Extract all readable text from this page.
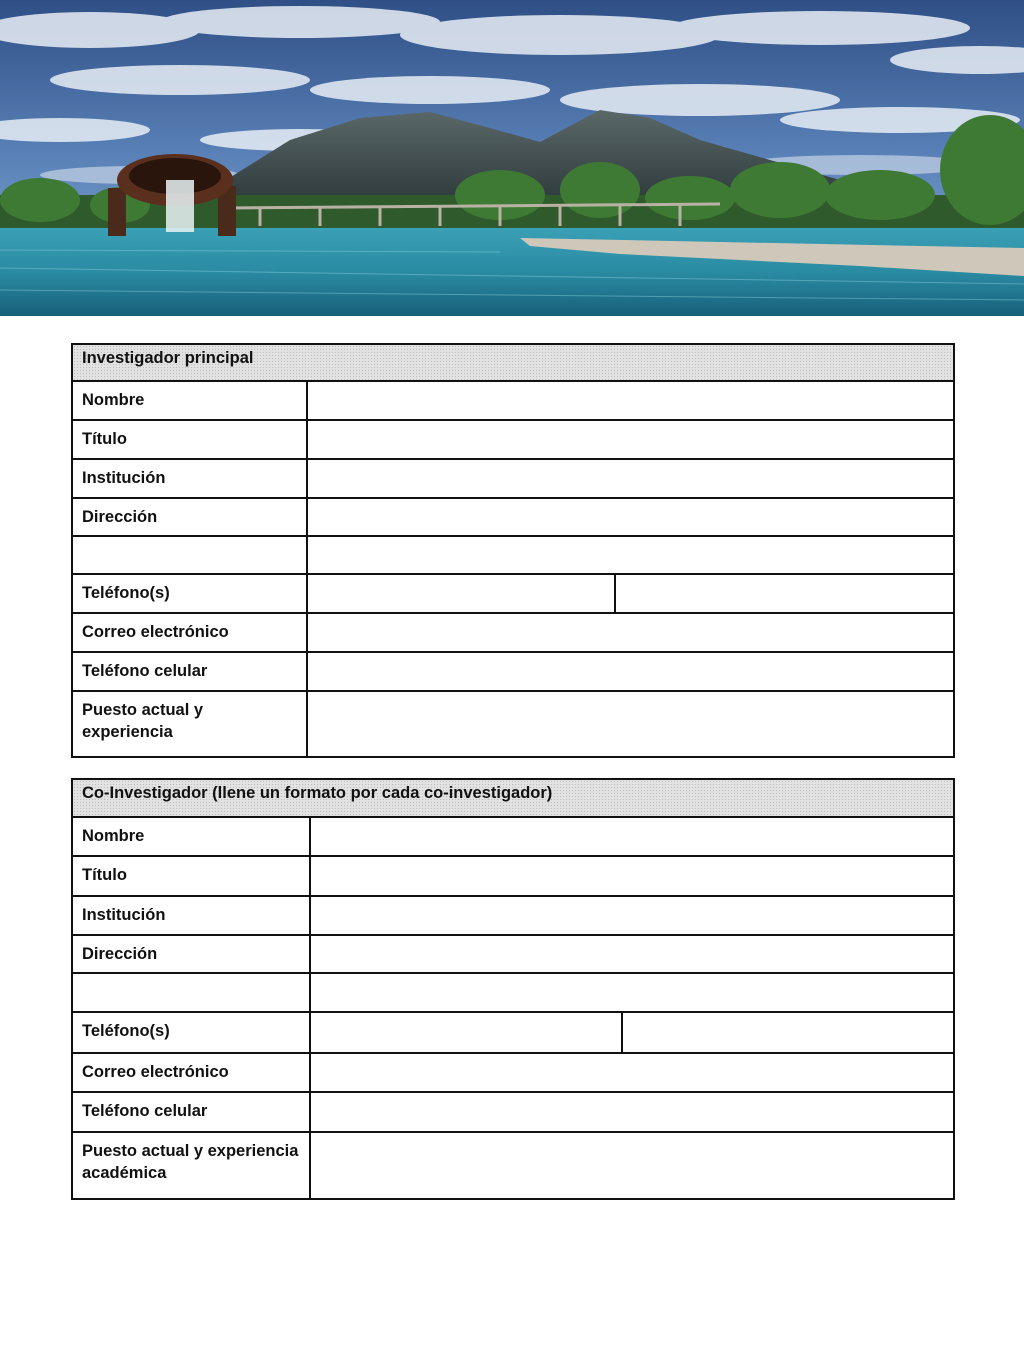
Investigador principal		
Nombre		
Título		
Institución		
Dirección		

Teléfono(s)		
Correo electrónico		
Teléfono celular		
Puesto actual y experiencia		
Co-Investigador (llene un formato por cada co-investigador)		
Nombre		
Título		
Institución		
Dirección		

Teléfono(s)		
Correo electrónico		
Teléfono celular		
Puesto actual y experiencia académica		
